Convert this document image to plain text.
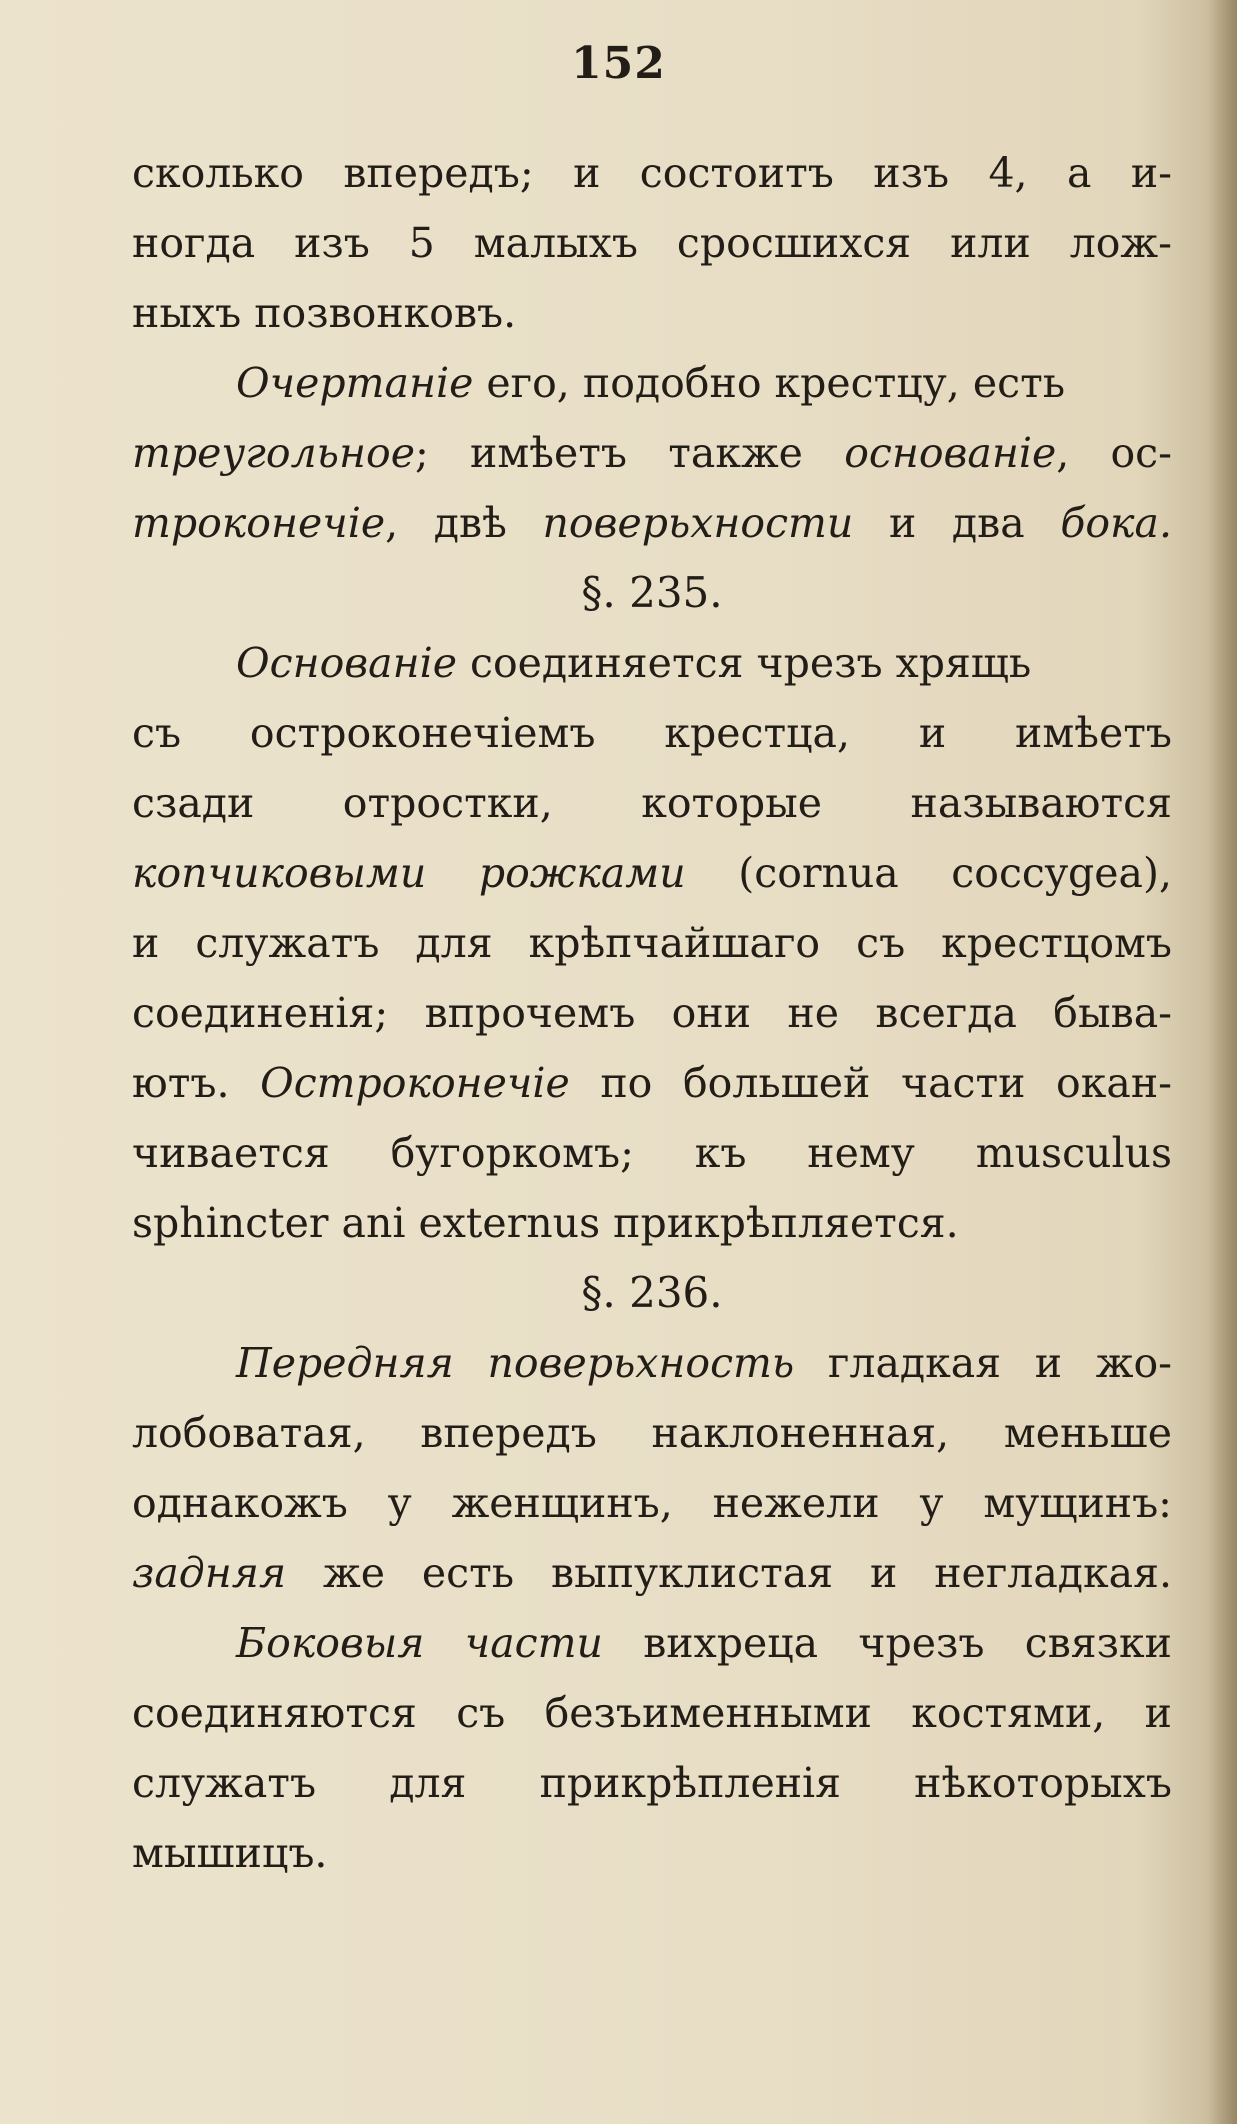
152
сколько впередъ; и состоитъ изъ 4, а и-
ногда изъ 5 малыхъ сросшихся или лож-
ныхъ позвонковъ.
Очертаніе его, подобно крестцу, есть
треугольное; имѣетъ также основаніе, ос-
троконечіе, двѣ поверьхности и два бока.
§. 235.
Основаніе соединяется чрезъ хрящь
съ остроконечіемъ крестца, и имѣетъ
сзади отростки, которые называются
копчиковыми рожками (cornua coccygea),
и служатъ для крѣпчайшаго съ крестцомъ
соединенія; впрочемъ они не всегда быва-
ютъ. Остроконечіе по большей части окан-
чивается бугоркомъ; къ нему musculus
sphincter ani externus прикрѣпляется.
§. 236.
Передняя поверьхность гладкая и жо-
лобоватая, впередъ наклоненная, меньше
однакожъ у женщинъ, нежели у мущинъ:
задняя же есть выпуклистая и негладкая.
Боковыя части вихреца чрезъ связки
соединяются съ безъименными костями, и
служатъ для прикрѣпленія нѣкоторыхъ
мышицъ.
